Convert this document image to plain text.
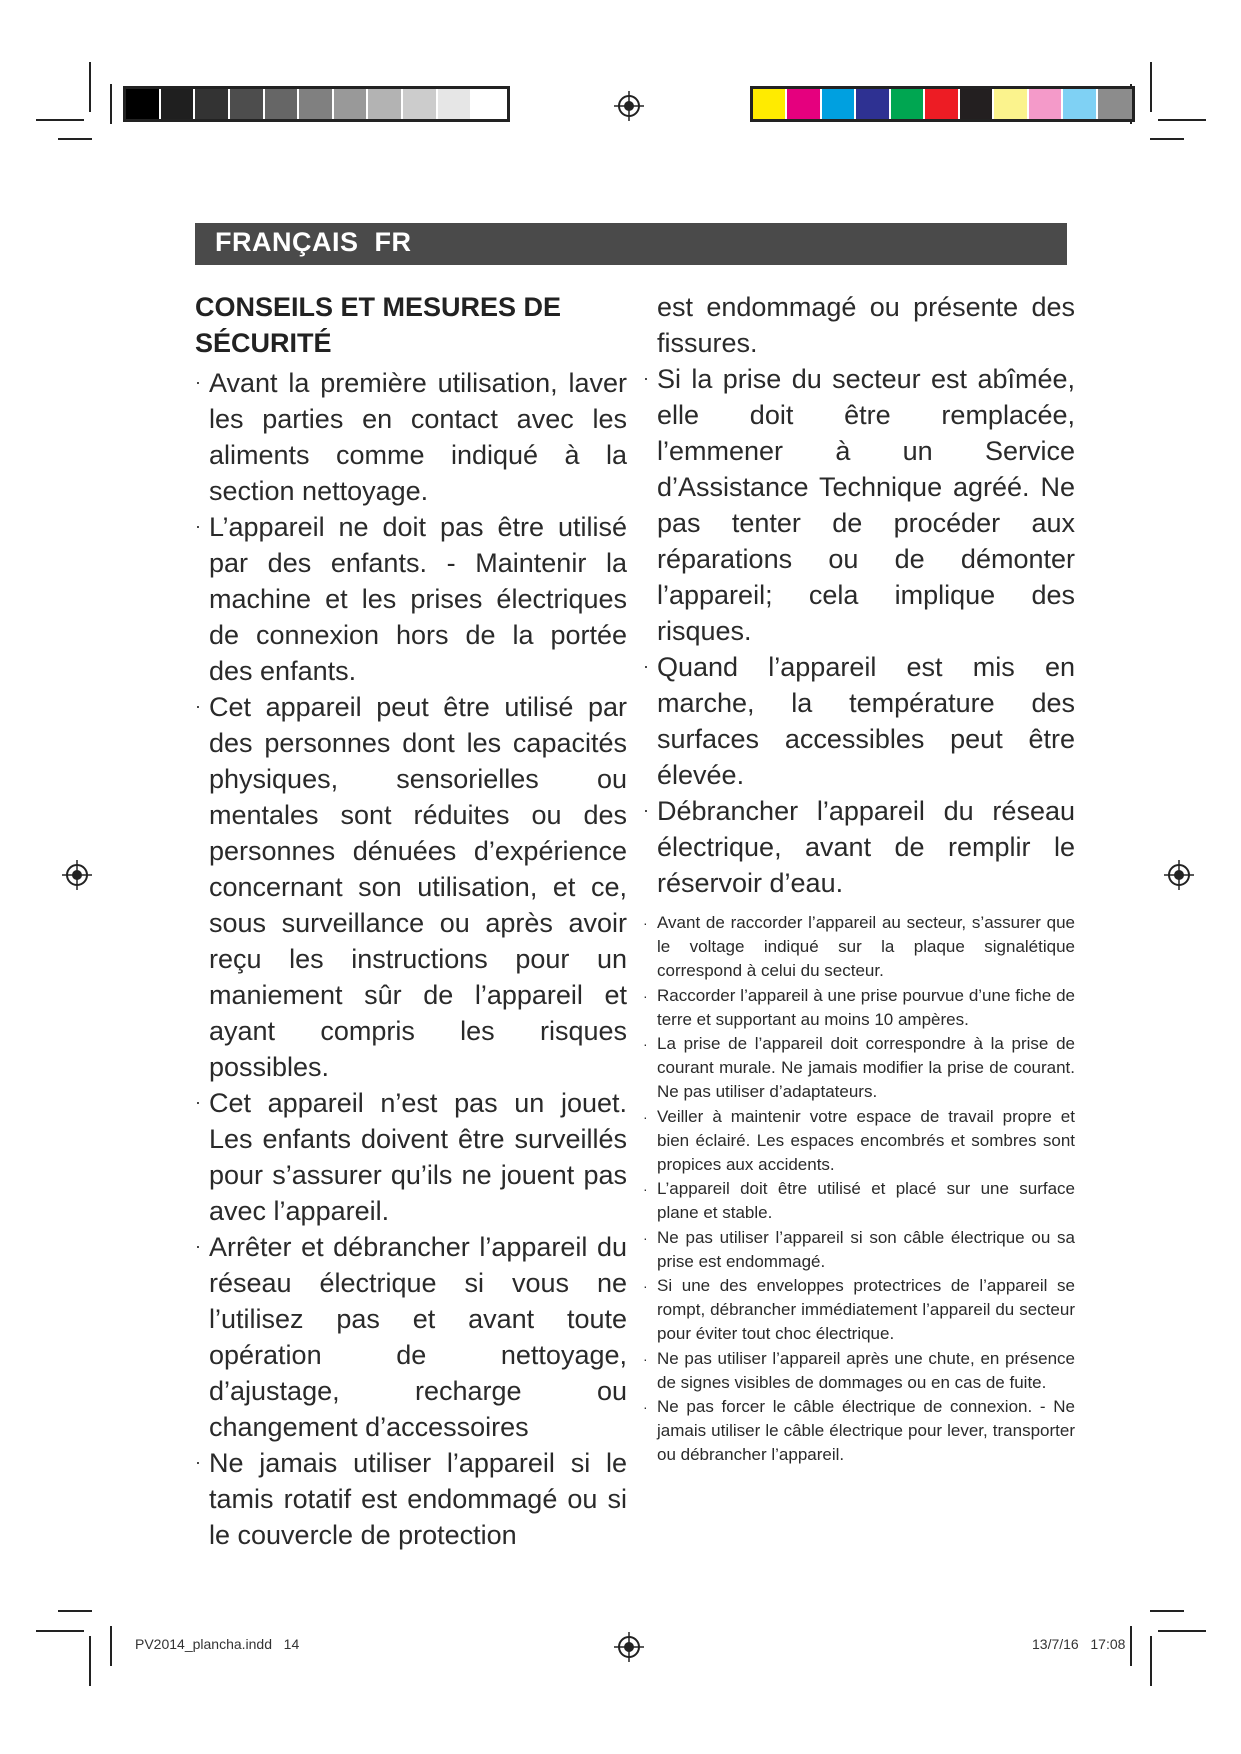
FRANÇAIS  FR
CONSEILS ET MESURES DE SÉCURITÉ
· Avant la première utilisation, laver les parties en contact avec les aliments comme indiqué à la section nettoyage.
· L’appareil ne doit pas être utilisé par des enfants. - Maintenir la machine et les prises électriques de connexion hors de la portée des enfants.
· Cet appareil peut être utilisé par des personnes dont les capacités physiques, sensorielles ou mentales sont réduites ou des personnes dénuées d’expérience concernant son utilisation, et ce, sous surveillance ou après avoir reçu les instructions pour un maniement sûr de l’appareil et ayant compris les risques possibles.
· Cet appareil n’est pas un jouet. Les enfants doivent être surveillés pour s’assurer qu’ils ne jouent pas avec l’appareil.
· Arrêter et débrancher l’appareil du réseau électrique si vous ne l’utilisez pas et avant toute opération de nettoyage, d’ajustage, recharge ou changement d’accessoires
· Ne jamais utiliser l’appareil si le tamis rotatif est endommagé ou si le couvercle de protection
est endommagé ou présente des fissures.
· Si la prise du secteur est abîmée, elle doit être remplacée, l’emmener à un Service d’Assistance Technique agréé. Ne pas tenter de procéder aux réparations ou de démonter l’appareil; cela implique des risques.
· Quand l’appareil est mis en marche, la température des surfaces accessibles peut être élevée.
· Débrancher l’appareil du réseau électrique, avant de remplir le réservoir d’eau.
· Avant de raccorder l’appareil au secteur, s’assurer que le voltage indiqué sur la plaque signalétique correspond à celui du secteur.
· Raccorder l’appareil à une prise pourvue d’une fiche de terre et supportant au moins 10 ampères.
· La prise de l’appareil doit correspondre à la prise de courant murale. Ne jamais modifier la prise de courant. Ne pas utiliser d’adaptateurs.
· Veiller à maintenir votre espace de travail propre et bien éclairé. Les espaces encombrés et sombres sont propices aux accidents.
· L’appareil doit être utilisé et placé sur une surface plane et stable.
· Ne pas utiliser l’appareil si son câble électrique ou sa prise est endommagé.
· Si une des enveloppes protectrices de l’appareil se rompt, débrancher immédiatement l’appareil du secteur pour éviter tout choc électrique.
· Ne pas utiliser l’appareil après une chute, en présence de signes visibles de dommages ou en cas de fuite.
· Ne pas forcer le câble électrique de connexion. - Ne jamais utiliser le câble électrique pour lever, transporter ou débrancher l’appareil.
PV2014_plancha.indd   14	13/7/16   17:08
